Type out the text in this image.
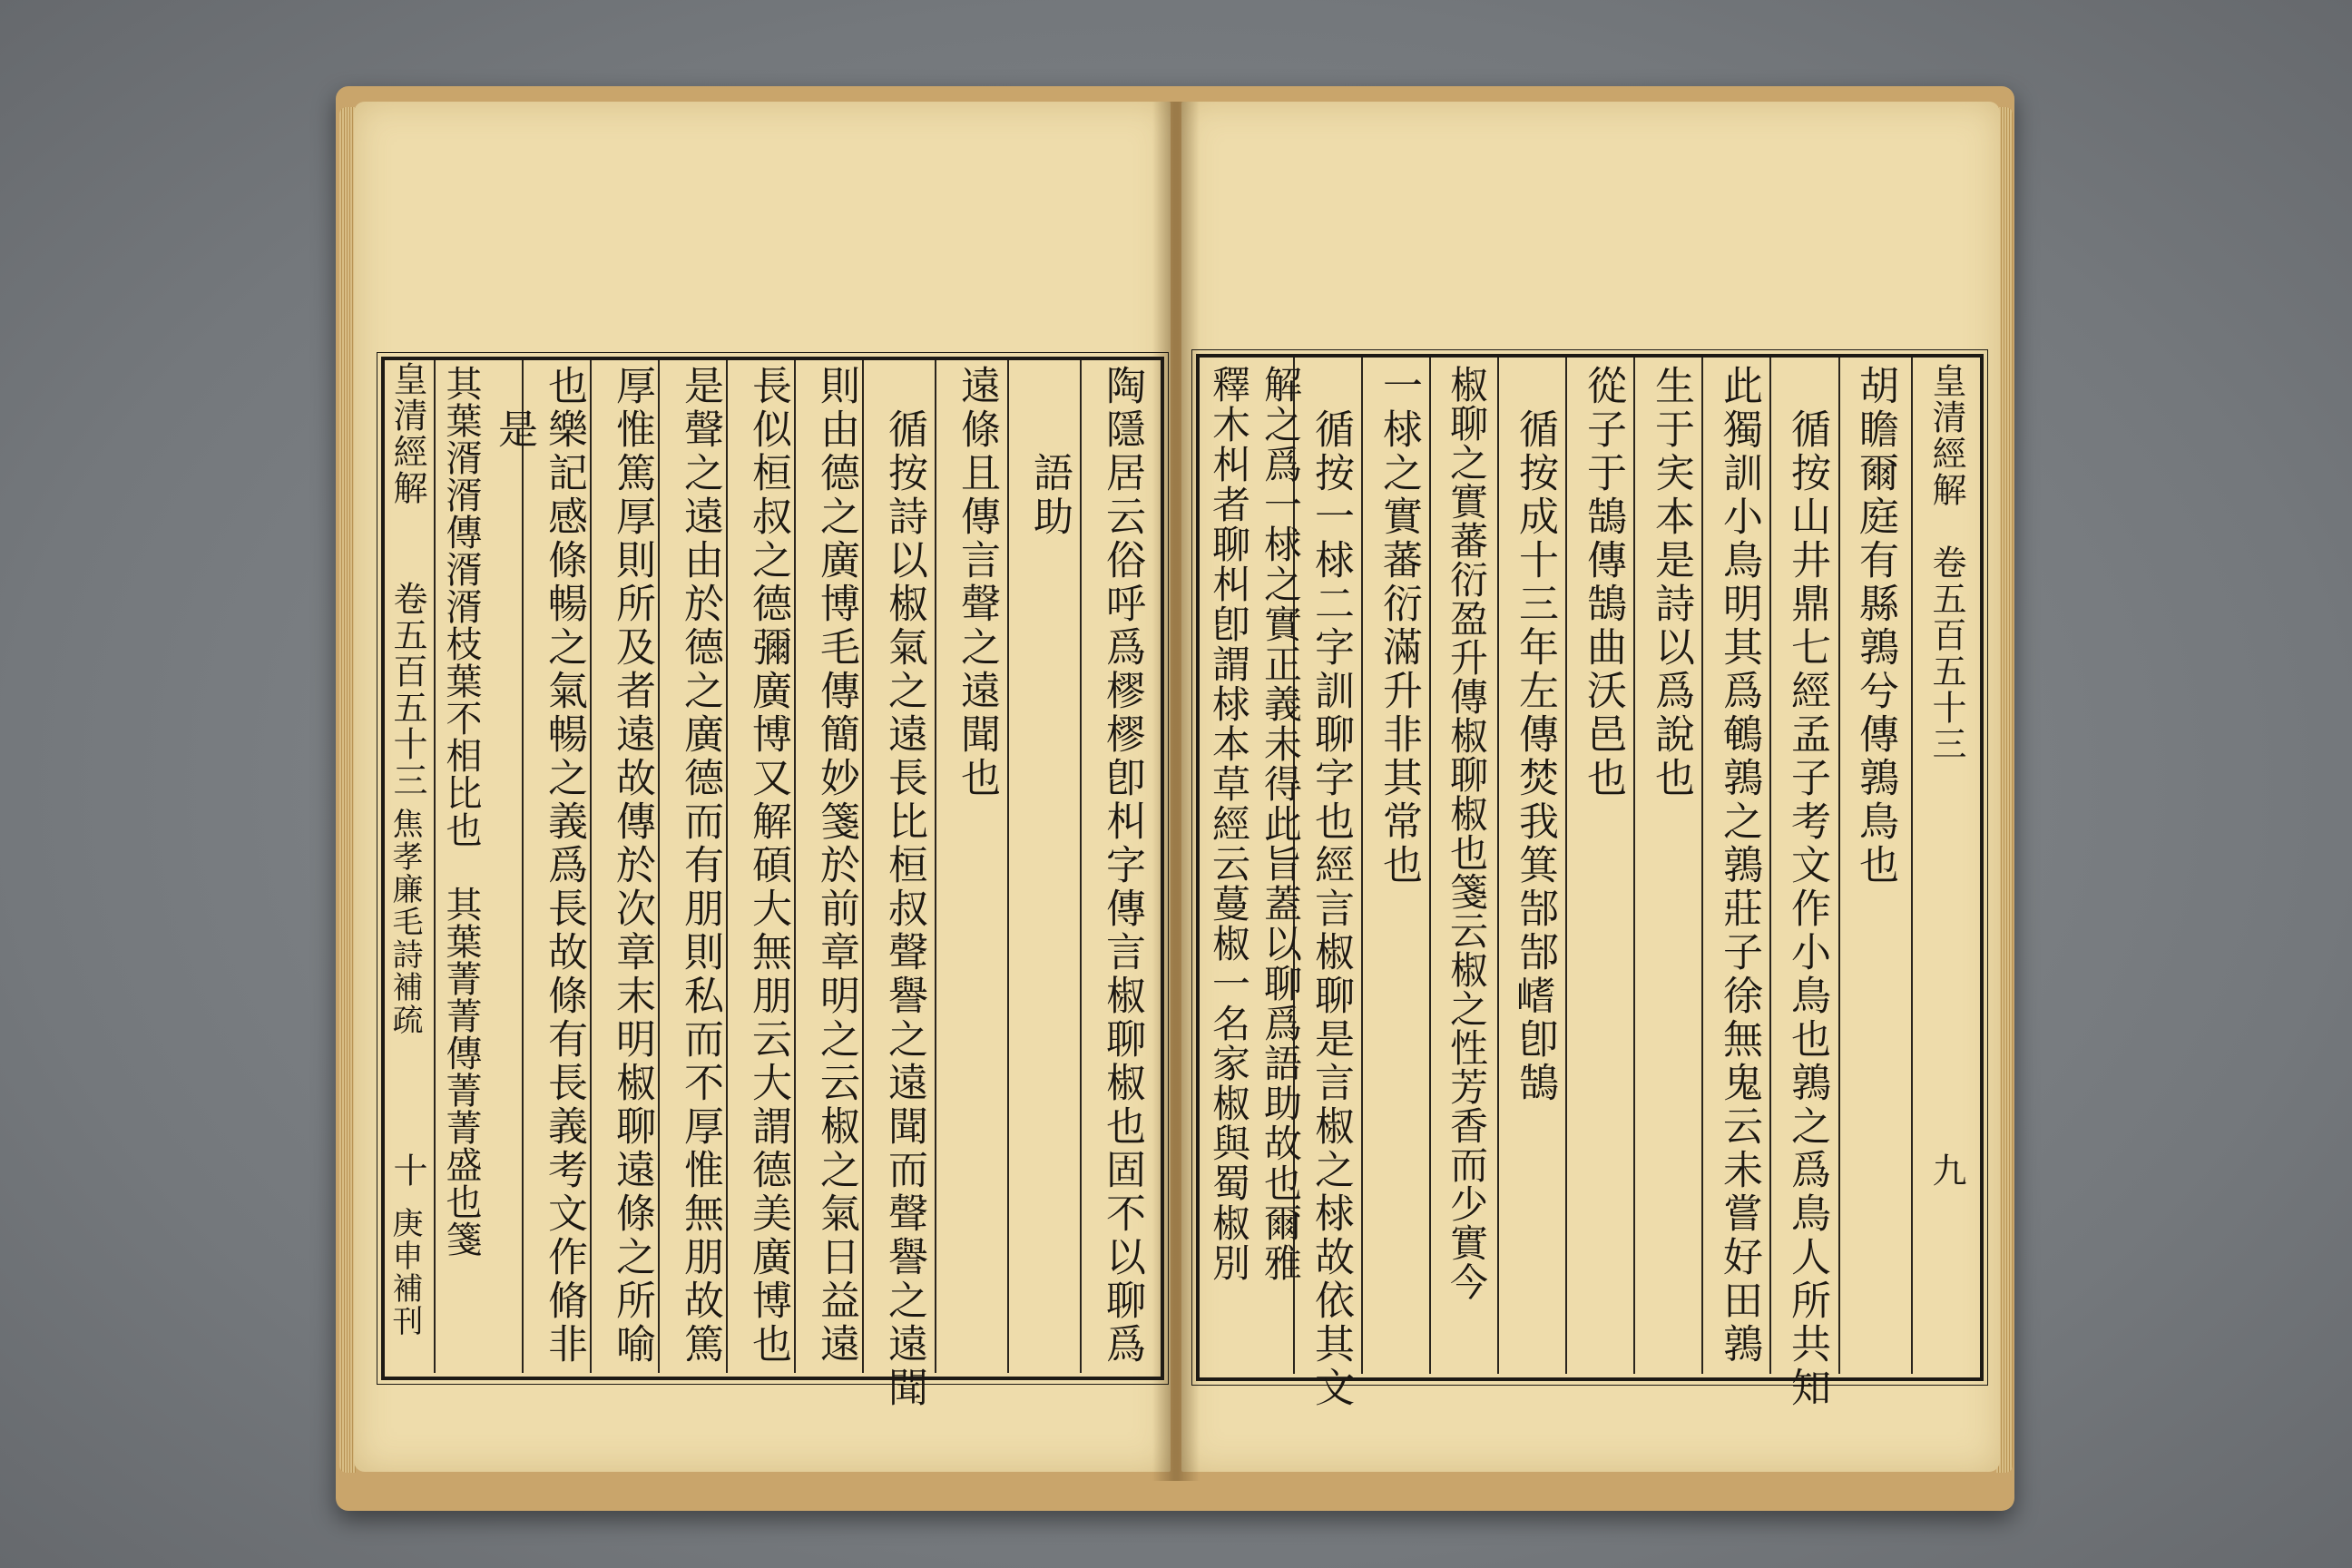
皇清經解
卷五百五十三
焦孝廉毛詩補疏
十
庚申補刊	陶隱居云俗呼爲樛樛卽朻字傳言椒聊椒也固不以聊爲
語助
遠條且傳言聲之遠聞也
循按詩以椒氣之遠長比桓叔聲譽之遠聞而聲譽之遠聞
則由德之廣博毛傳簡妙箋於前章明之云椒之氣日益遠
長似桓叔之德彌廣博又解碩大無朋云大謂德美廣博也
是聲之遠由於德之廣德而有朋則私而不厚惟無朋故篤
厚惟篤厚則所及者遠故傳於次章末明椒聊遠條之所喻
也樂記感條暢之氣暢之義爲長故條有長義考文作脩非
是
其葉湑湑傳湑湑枝葉不相比也　其葉菁菁傳菁菁盛也箋	皇清經解
卷五百五十三
九
胡瞻爾庭有縣鶉兮傳鶉鳥也
循按山井鼎七經孟子考文作小鳥也鶉之爲鳥人所共知
此獨訓小鳥明其爲鵪鶉之鶉莊子徐無鬼云未嘗好田鶉
生于宎本是詩以爲說也
從子于鵠傳鵠曲沃邑也
循按成十三年左傳焚我箕郜郜𡺸卽鵠
椒聊之實蕃衍盈升傳椒聊椒也箋云椒之性芳香而少實今
一梂之實蕃衍滿升非其常也
循按一梂二字訓聊字也經言椒聊是言椒之梂故依其文
解之爲一梂之實正義未得此旨蓋以聊爲語助故也爾雅
釋木朻者聊朻卽謂梂本草經云蔓椒一名家椒與蜀椒別
